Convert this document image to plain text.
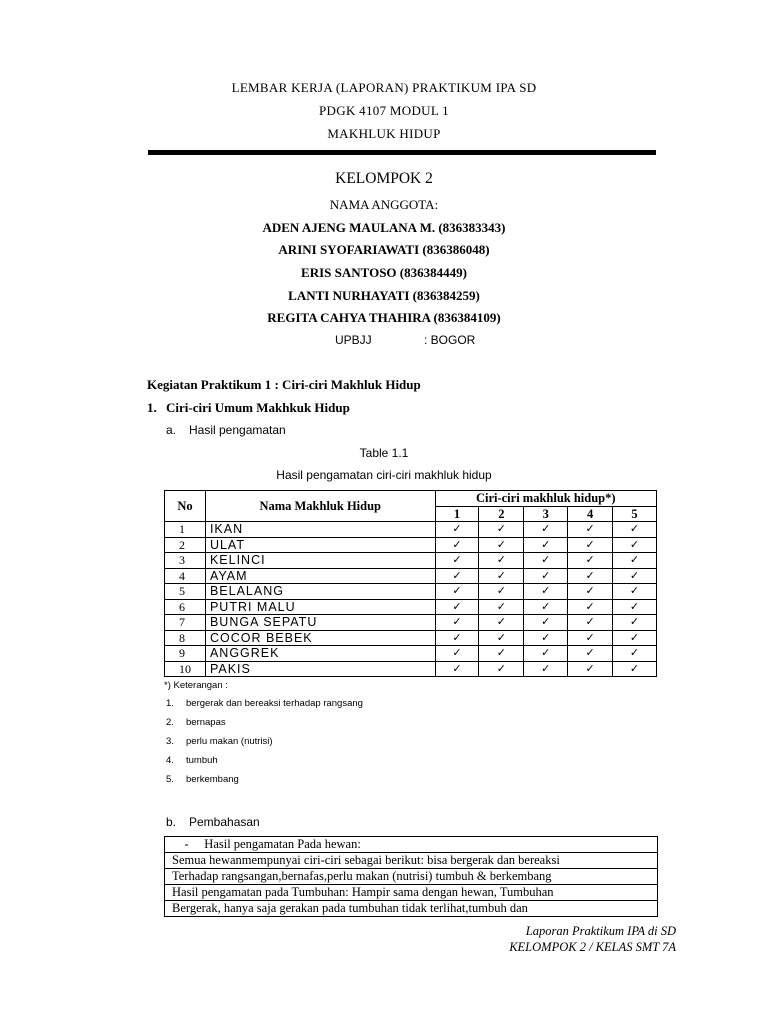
LEMBAR KERJA (LAPORAN) PRAKTIKUM IPA SD
PDGK 4107 MODUL 1
MAKHLUK HIDUP
KELOMPOK 2
NAMA ANGGOTA:
ADEN AJENG MAULANA M. (836383343)
ARINI SYOFARIAWATI (836386048)
ERIS SANTOSO (836384449)
LANTI NURHAYATI (836384259)
REGITA CAHYA THAHIRA (836384109)
UPBJJ	: BOGOR
Kegiatan Praktikum 1 : Ciri-ciri Makhluk Hidup
1. Ciri-ciri Umum Makhkuk Hidup
a. Hasil pengamatan
Table 1.1
Hasil pengamatan ciri-ciri makhluk hidup
No	Nama Makhluk Hidup	Ciri-ciri makhluk hidup*)				
		1	2	3	4	5
1	IKAN	✓	✓	✓	✓	✓
2	ULAT	✓	✓	✓	✓	✓
3	KELINCI	✓	✓	✓	✓	✓
4	AYAM	✓	✓	✓	✓	✓
5	BELALANG	✓	✓	✓	✓	✓
6	PUTRI MALU	✓	✓	✓	✓	✓
7	BUNGA SEPATU	✓	✓	✓	✓	✓
8	COCOR BEBEK	✓	✓	✓	✓	✓
9	ANGGREK	✓	✓	✓	✓	✓
10	PAKIS	✓	✓	✓	✓	✓
*) Keterangan :
1. bergerak dan bereaksi terhadap rangsang
2. bernapas
3. perlu makan (nutrisi)
4. tumbuh
5. berkembang
b. Pembahasan
-     Hasil pengamatan Pada hewan:
Semua hewanmempunyai ciri-ciri sebagai berikut: bisa bergerak dan bereaksi
Terhadap rangsangan,bernafas,perlu makan (nutrisi) tumbuh & berkembang
Hasil pengamatan pada Tumbuhan: Hampir sama dengan hewan, Tumbuhan
Bergerak, hanya saja gerakan pada tumbuhan tidak terlihat,tumbuh dan
Laporan Praktikum IPA di SD
KELOMPOK 2 / KELAS SMT 7A
